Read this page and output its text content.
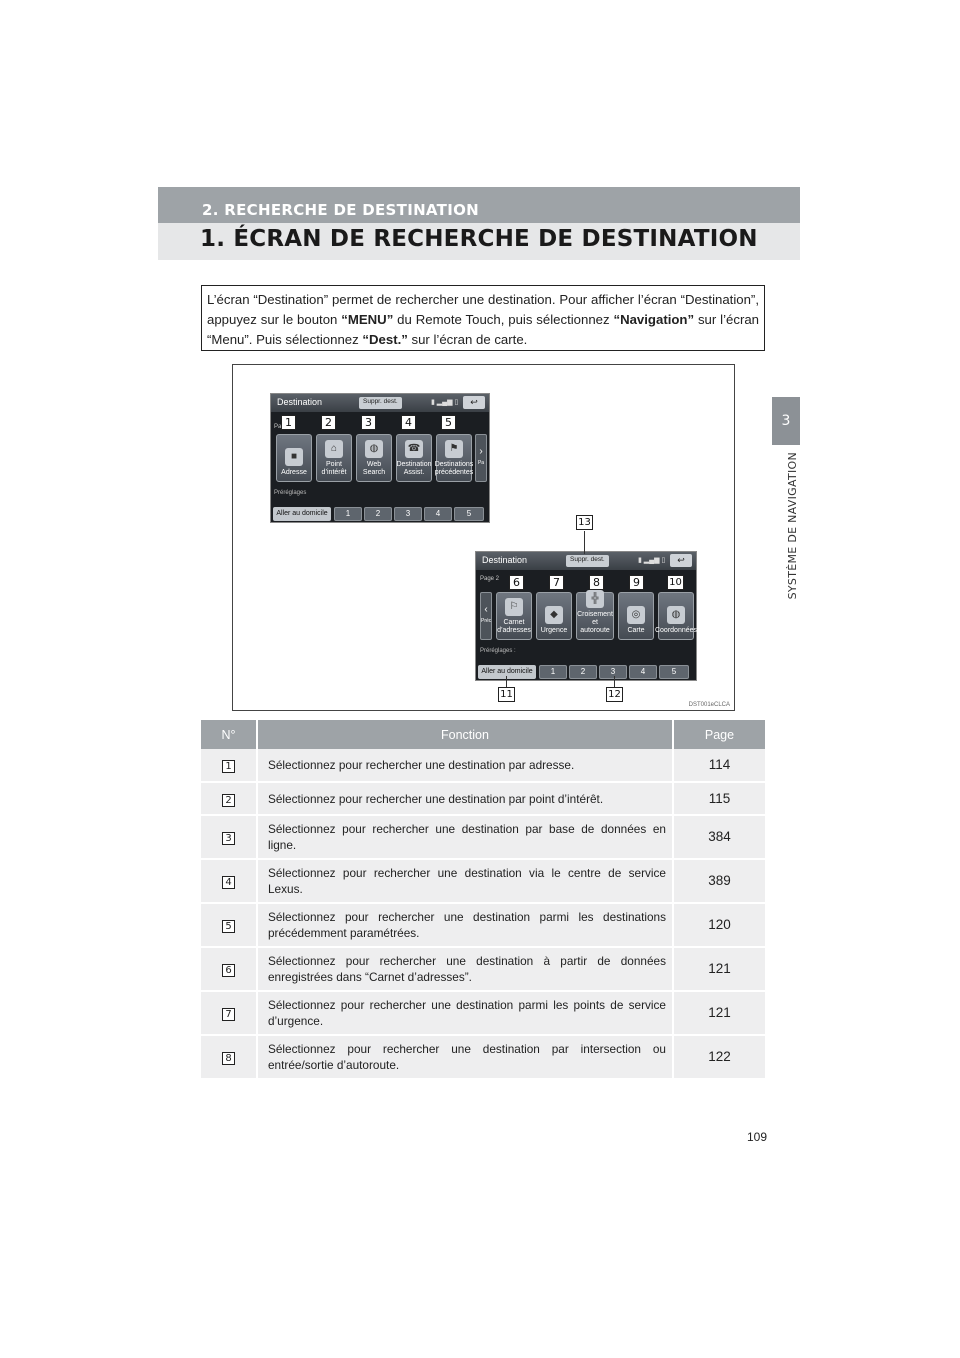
2. RECHERCHE DE DESTINATION
1. ÉCRAN DE RECHERCHE DE DESTINATION
3
SYSTÈME DE NAVIGATION
L’écran “Destination” permet de rechercher une destination. Pour afficher l’écran “Destination”, appuyez sur le bouton “MENU” du Remote Touch, puis sélectionnez “Navigation” sur l’écran “Menu”. Puis sélectionnez “Dest.” sur l’écran de carte.
Destination	Suppr. dest.	▮ ▂▄▆ ▯	↩
Pa
■
Adresse
⌂
Point d’intérêt
◍
Web Search
☎
Destination Assist.
⚑
Destinations précédentes
›
Pa
Préréglages
Aller au domicile	1	2	3	4	5
Destination	Suppr. dest.	▮ ▂▄▆ ▯	↩
Page 2
‹
Préc
⚐
Carnet d’adresses
◆
Urgence
╬
Croisement et autoroute
◎
Carte
◍
Coordonnées
Préréglages :
Aller au domicile	1	2	3	4	5
1	2	3	4	5
6	7	8	9	10
13
11	12
DST001eCLCA
N°	Fonction	Page
1	Sélectionnez pour rechercher une destination par adresse.	114
2	Sélectionnez pour rechercher une destination par point d’intérêt.	115
3	Sélectionnez pour rechercher une destination par base de données en ligne.	384
4	Sélectionnez pour rechercher une destination via le centre de service Lexus.	389
5	Sélectionnez pour rechercher une destination parmi les destinations précédemment paramétrées.	120
6	Sélectionnez pour rechercher une destination à partir de données enregistrées dans “Carnet d’adresses”.	121
7	Sélectionnez pour rechercher une destination parmi les points de service d’urgence.	121
8	Sélectionnez pour rechercher une destination par intersection ou entrée/sortie d’autoroute.	122
109
